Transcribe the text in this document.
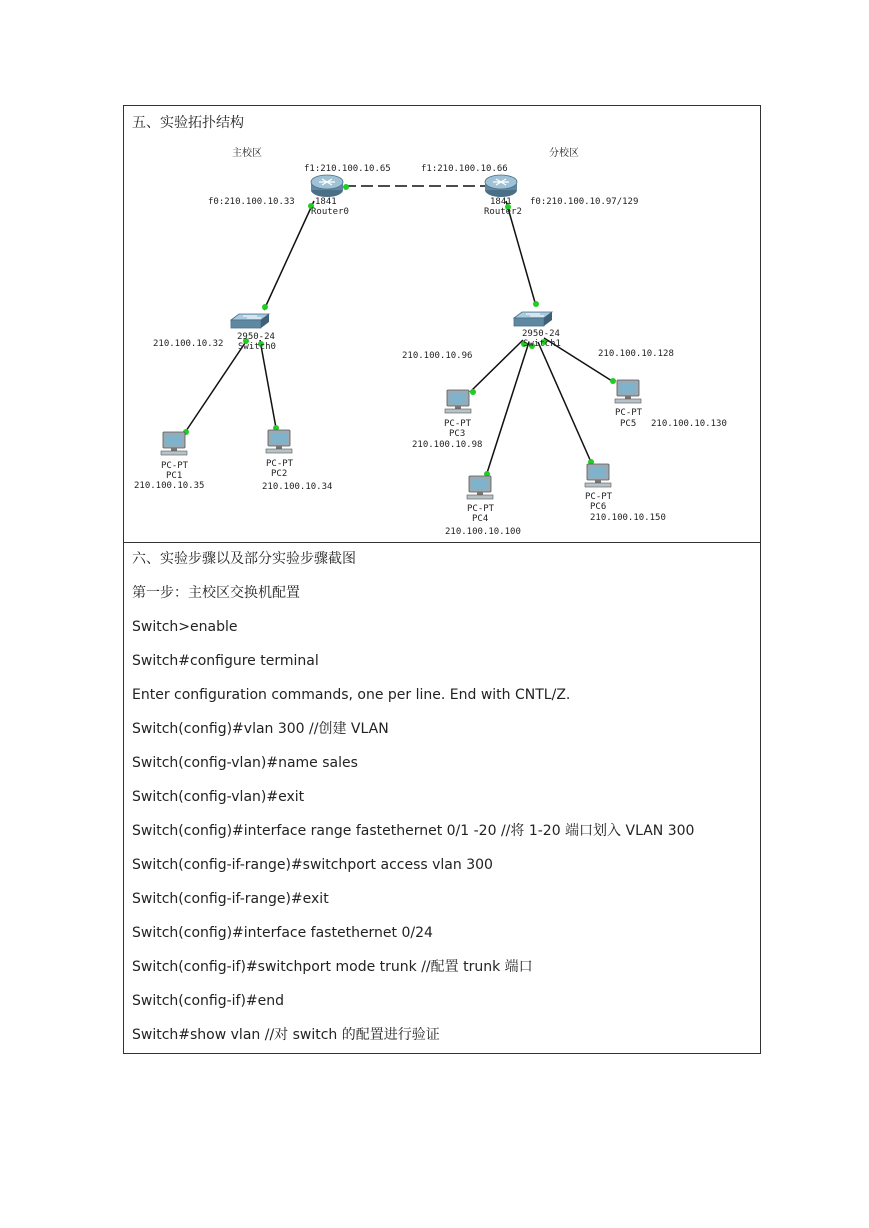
五、实验拓扑结构
主校区	分校区
f1:210.100.10.65
f0:210.100.10.33 1841
Router0
f1:210.100.10.66
f0:210.100.10.97/129
1841
Router2
2950-24
Switch0
210.100.10.32
2950-24
Switch1
210.100.10.96	210.100.10.128
PC-PT
PC1
210.100.10.35
PC-PT
PC2
210.100.10.34
PC-PT
PC3
210.100.10.98
PC-PT
PC4
210.100.10.100
PC-PT
PC5 210.100.10.130
PC-PT
PC6
210.100.10.150
六、实验步骤以及部分实验步骤截图
第一步：主校区交换机配置
Switch>enable
Switch#configure terminal
Enter configuration commands, one per line. End with CNTL/Z.
Switch(config)#vlan 300 //创建 VLAN
Switch(config-vlan)#name sales
Switch(config-vlan)#exit
Switch(config)#interface range fastethernet 0/1 -20 //将 1-20 端口划入 VLAN 300
Switch(config-if-range)#switchport access vlan 300
Switch(config-if-range)#exit
Switch(config)#interface fastethernet 0/24
Switch(config-if)#switchport mode trunk //配置 trunk 端口
Switch(config-if)#end
Switch#show vlan //对 switch 的配置进行验证
